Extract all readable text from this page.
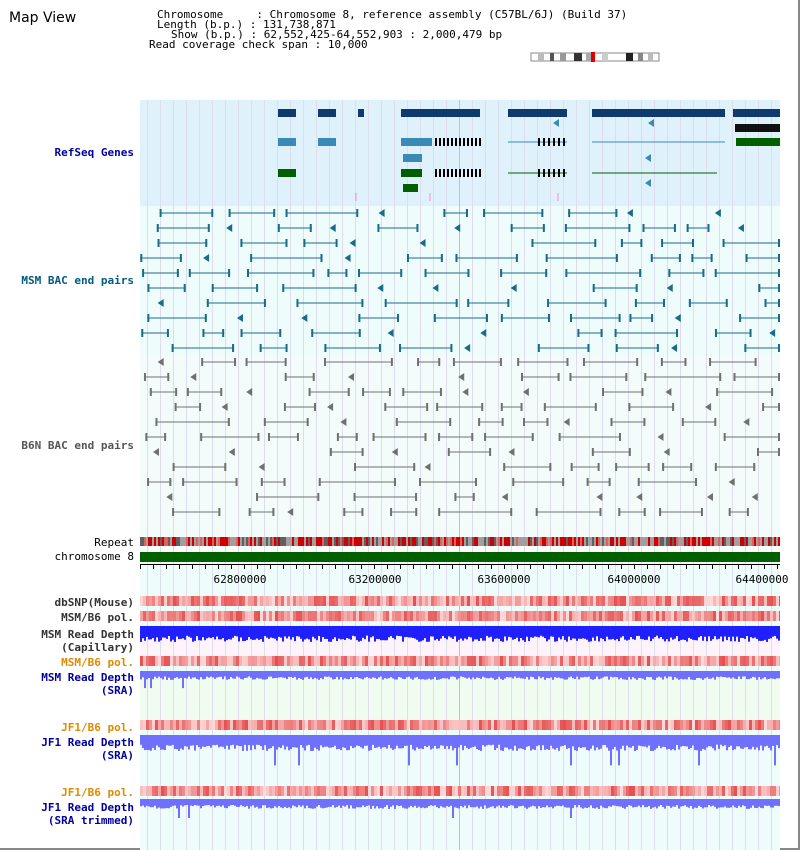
Map View	Chromosome     : Chromosome 8, reference assembly (C57BL/6J) (Build 37)
Length (b.p.) : 131,738,871
Show (b.p.) : 62,552,425-64,552,903 : 2,000,479 bp
Read coverage check span : 10,000
RefSeq Genes
MSM BAC end pairs
B6N BAC end pairs
Repeat
chromosome 8
dbSNP(Mouse)
MSM/B6 pol.
MSM Read Depth
(Capillary)
MSM/B6 pol.
MSM Read Depth
(SRA)
JF1/B6 pol.
JF1 Read Depth
(SRA)
JF1/B6 pol.
JF1 Read Depth
(SRA trimmed)
62800000	63200000	63600000	64000000	64400000
